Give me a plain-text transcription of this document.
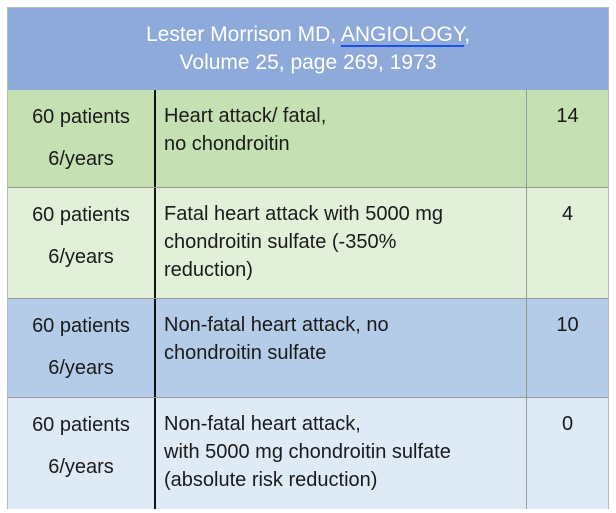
Lester Morrison MD, ANGIOLOGY,
Volume 25, page 269, 1973
60 patients
6/years
Heart attack/ fatal,
no chondroitin
14
60 patients
6/years
Fatal heart attack with 5000 mg
chondroitin sulfate (-350%
reduction)
4
60 patients
6/years
Non-fatal heart attack, no
chondroitin sulfate
10
60 patients
6/years
Non-fatal heart attack,
with 5000 mg chondroitin sulfate
(absolute risk reduction)
0
